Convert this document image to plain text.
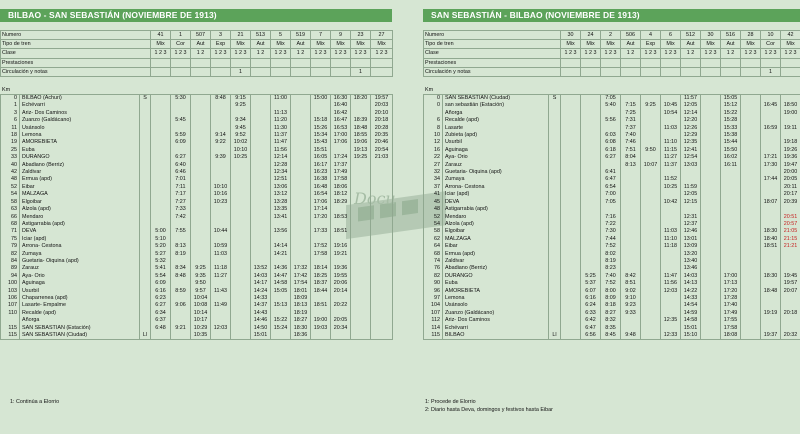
Docu
BILBAO - SAN SEBASTIÁN (NOVIEMBRE DE 1913)
Numero	41	1	507	3	21	513	5	519	7	9	23	27
Tipo de tren	Mix	Cor	Aut	Exp	Mix	Aut	Mix	Aut	Mix	Mix	Mix	Mix
Clase	1 2 3	1 2 3	1 2	1 2 3	1 2 3	1 2	1 2 3	1 2	1 2 3	1 2 3	1 2 3	1 2 3
Prestaciones												
Circulación y notas					1						1	
Km
0	BILBAO (Achuri)	S		5:30		8:48	9:15		11:00		15:00	16:30	18:20	19:57
1	Echévarri						9:25					16:40		20:03
3	Ariz- Dos Caminos								11:13			16:42		20:10
6	Zuanzo (Galdácano)			5:45			9:34		11:20		15:18	16:47	18:39	20:18
11	Usánsolo						9:45		11:30		15:26	16:53	18:48	20:28
18	Lemona			5:59		9:14	9:52		11:37		15:34	17:00	18:55	20:35
19	AMOREBIETA			6:09		9:22	10:02		11:47		15:43	17:06	19:06	20:46
25	Euba						10:10		11:56		15:51		19:13	20:54
33	DURANGO			6:27		9:39	10:25		12:14		16:05	17:24	19:25	21:03
40	Abadiano (Berriz)			6:40					12:28		16:17	17:37		
42	Zaldivar			6:46					12:34		16:23	17:49		
48	Ermua (apd)			7:01					12:51		16:38	17:58		
52	Eibar			7:11		10:10			13:06		16:48	18:06		
54	MALZAGA			7:17		10:16			13:12		16:54	18:12		
58	Elgoibar			7:27		10:23			13:28		17:06	18:29		
63	Alzola (apd)			7:33					13:35		17:14			
66	Mendaro			7:42					13:41		17:20	18:53		
68	Astigarrabia (apd)													
71	DEVA		5:00	7:55		10:44			13:56		17:33	18:51		
75	Iciar (apd)		5:10											
79	Arrona- Cestona		5:20	8:13		10:59			14:14		17:52	19:16		
82	Zumaya		5:27	8:19		11:03			14:21		17:58	19:21		
84	Guetaria- Oiquina (apd)		5:32											
89	Zarauz		5:41	8:34	9:25	11:18		13:52	14:36	17:32	18:14	19:36		
94	Aya- Orio		5:54	8:48	9:35	11:27		14:03	14:47	17:42	18:25	19:55		
100	Aguinaga		6:09		9:50			14:17	14:58	17:54	18:37	20:06		
103	Usurbil		6:16	8:59	9:57	11:43		14:24	15:05	18:01	18:44	20:14		
106	Chaparrenea (apd)		6:23		10:04			14:33		18:09				
107	Lasarte- Empalme		6:27	9:06	10:08	11:49		14:37	15:13	18:13	18:51	20:22		
110	Recalde (apd)		6:34		10:14			14:43		18:19				
	Añorga		6:37		10:17			14:46	15:22	18:27	19:00	20:05		
115	SAN SEBASTIÁN (Estación)		6:48	9:21	10:29	12:03		14:50	15:24	18:30	19:03	20:34		
115	SAN SEBASTIÁN (Ciudad)	Ll			10:35			15:01		18:36				
1: Continúa a Elorrio
SAN SEBASTIÁN - BILBAO (NOVIEMBRE DE 1913)
Numero	30	24	2	506	4	6	512	30	516	28	10	42
Tipo de tren	Mix	Mix	Mix	Aut	Exp	Mix	Aut	Mix	Aut	Mix	Cor	Mix
Clase	1 2 3	1 2 3	1 2 3	1 2	1 2 3	1 2 3	1 2	1 2 3	1 2	1 2 3	1 2 3	1 2 3
Prestaciones												
Circulación y notas											1	
Km
0	SAN SEBASTIÁN (Ciudad)	S			7:05				11:57		15:05			
0	san sebastián (Estación)				5:40	7:15	9:25	10:45	12:05		15:12		16:45	18:50
	Añorga					7:25		10:54	12:14		15:22			19:00
6	Recalde (apd)				5:56	7:31			12:20		15:28			
8	Lasarte					7:37		11:03	12:26		15:33		16:59	19:11
10	Zubieta (apd)				6:03	7:40			12:29		15:38			
12	Usurbil				6:08	7:46		11:10	12:35		15:44			19:18
16	Aguinaga				6:18	7:51	9:50	11:15	12:41		15:50			19:26
22	Aya- Orio				6:27	8:04		11:27	12:54		16:02		17:21	19:36
27	Zarauz					8:13	10:07	11:37	13:03		16:11		17:30	19:47
32	Guetaria- Oiquina (apd)				6:41									20:00
34	Zumaya				6:47			11:52					17:44	20:05
37	Arrona- Cestona				6:54			10:25	11:59					20:11
41	Iciar (apd)				7:00				12:05					20:17
45	DEVA				7:05			10:42	12:15				18:07	20:39
48	Astigarrabia (apd)													
52	Mendaro				7:16				12:31					20:51
54	Alzola (apd)				7:22				12:37					20:57
58	Elgoibar				7:30			11:03	12:46				18:30	21:05
62	MALZAGA				7:44			11:10	13:01				18:40	21:15
64	Eibar				7:52			11:18	13:09				18:51	21:21
68	Ermua (apd)				8:02				13:20					
74	Zaldivar				8:19				13:40					
76	Abadiano (Berriz)				8:23				13:46					
82	DURANGO			5:25	7:40	8:42		11:47	14:03		17:00		18:30	19:45
90	Euba			5:37	7:52	8:51		11:56	14:13		17:13			19:57
96	AMOREBIETA			6:07	8:00	9:02		12:03	14:22		17:20		18:48	20:07
97	Lemona			6:16	8:09	9:10			14:33		17:28			
104	Usánsolo			6:24	8:18	9:23			14:54		17:40			
107	Zuanzo (Galdácano)			6:33	8:27	9:33			14:59		17:49		19:19	20:18
112	Ariz- Dos Caminos			6:42	8:32			12:35	14:58		17:55			
114	Echévarri			6:47	8:35				15:01		17:58			
115	BILBAO	Ll		6:56	8:45	9:48		12:33	15:10		18:08		19:37	20:32
1: Procede de Elorrio
2: Diario hasta Deva, domingos y festivos hasta Eibar
